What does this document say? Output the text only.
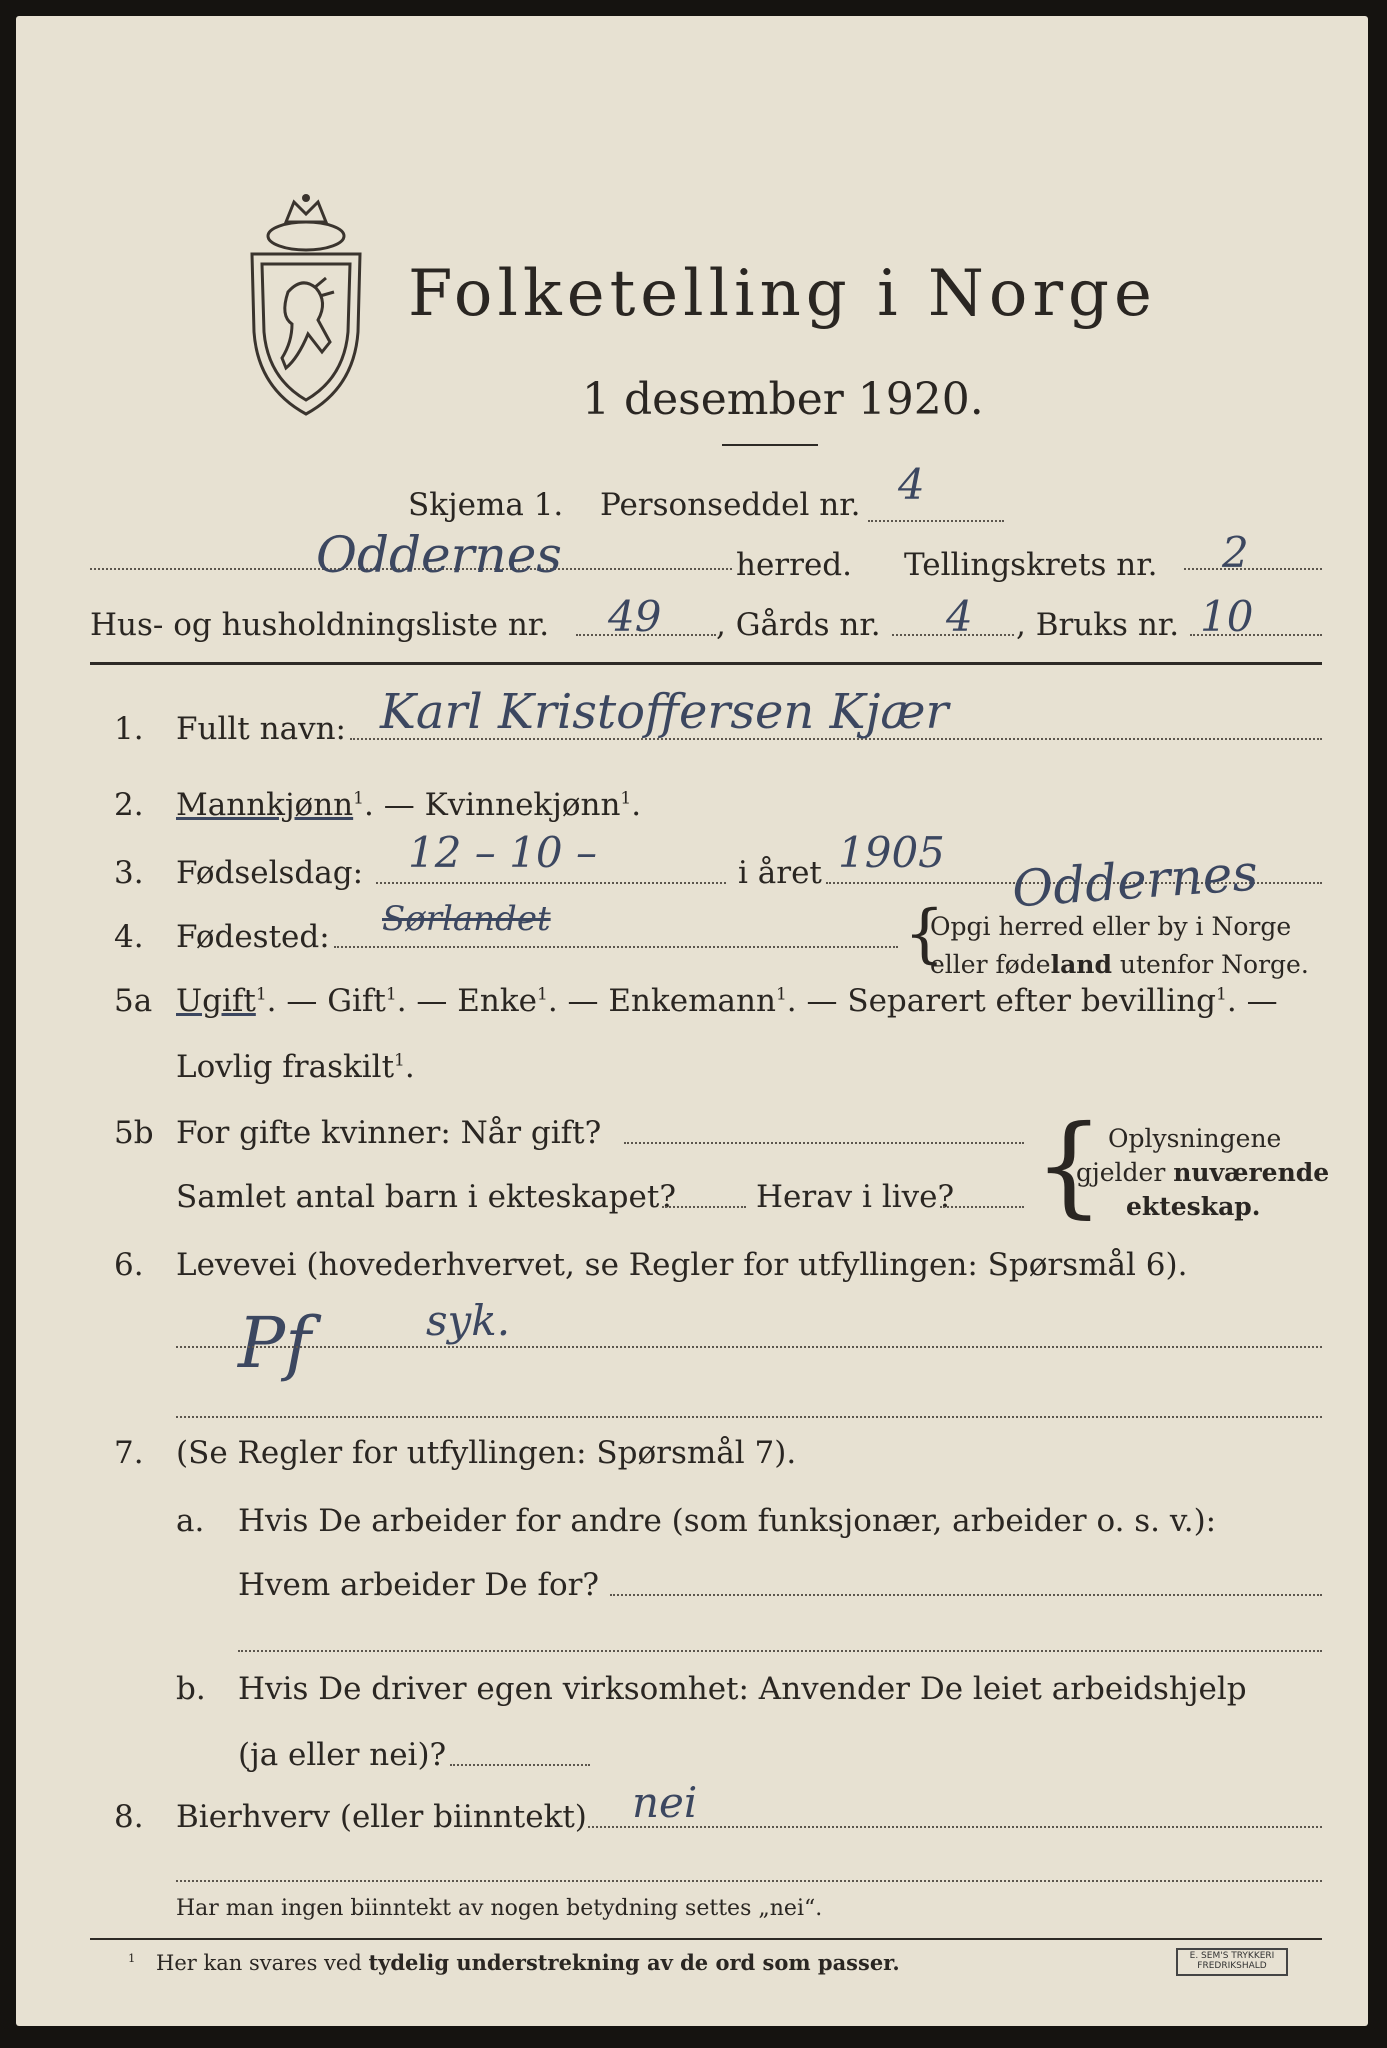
Folketelling i Norge
1 desember 1920.
Skjema 1. Personseddel nr. 4
Oddernes	herred. Tellingskrets nr. 2
Hus- og husholdningsliste nr. 49 , Gårds nr. 4 , Bruks nr. 10
1. Fullt navn: Karl Kristoffersen Kjær
2. Mannkjønn$^1$. — Kvinnekjønn$^1$.
3. Fødselsdag: 12 – 10 –	i året 1905 Oddernes
4. Fødested: Sørlandet	{
Opgi herred eller by i Norge
eller fødeland utenfor Norge.
5a Ugift$^1$. — Gift$^1$. — Enke$^1$. — Enkemann$^1$. — Separert efter bevilling$^1$. —
Lovlig fraskilt$^1$.
5b For gifte kvinner: Når gift?
Samlet antal barn i ekteskapet?	Herav i live? { Oplysningene
gjelder nuværende
ekteskap.
6. Levevei (hovederhvervet, se Regler for utfyllingen: Spørsmål 6).
Pf	syk.
7. (Se Regler for utfyllingen: Spørsmål 7).
a. Hvis De arbeider for andre (som funksjonær, arbeider o. s. v.):
Hvem arbeider De for?
b. Hvis De driver egen virksomhet: Anvender De leiet arbeidshjelp
(ja eller nei)?
8. Bierhverv (eller biinntekt) nei
Har man ingen biinntekt av nogen betydning settes „nei“.
$^1$ Her kan svares ved tydelig understrekning av de ord som passer.	E. SEM'S TRYKKERI
FREDRIKSHALD
